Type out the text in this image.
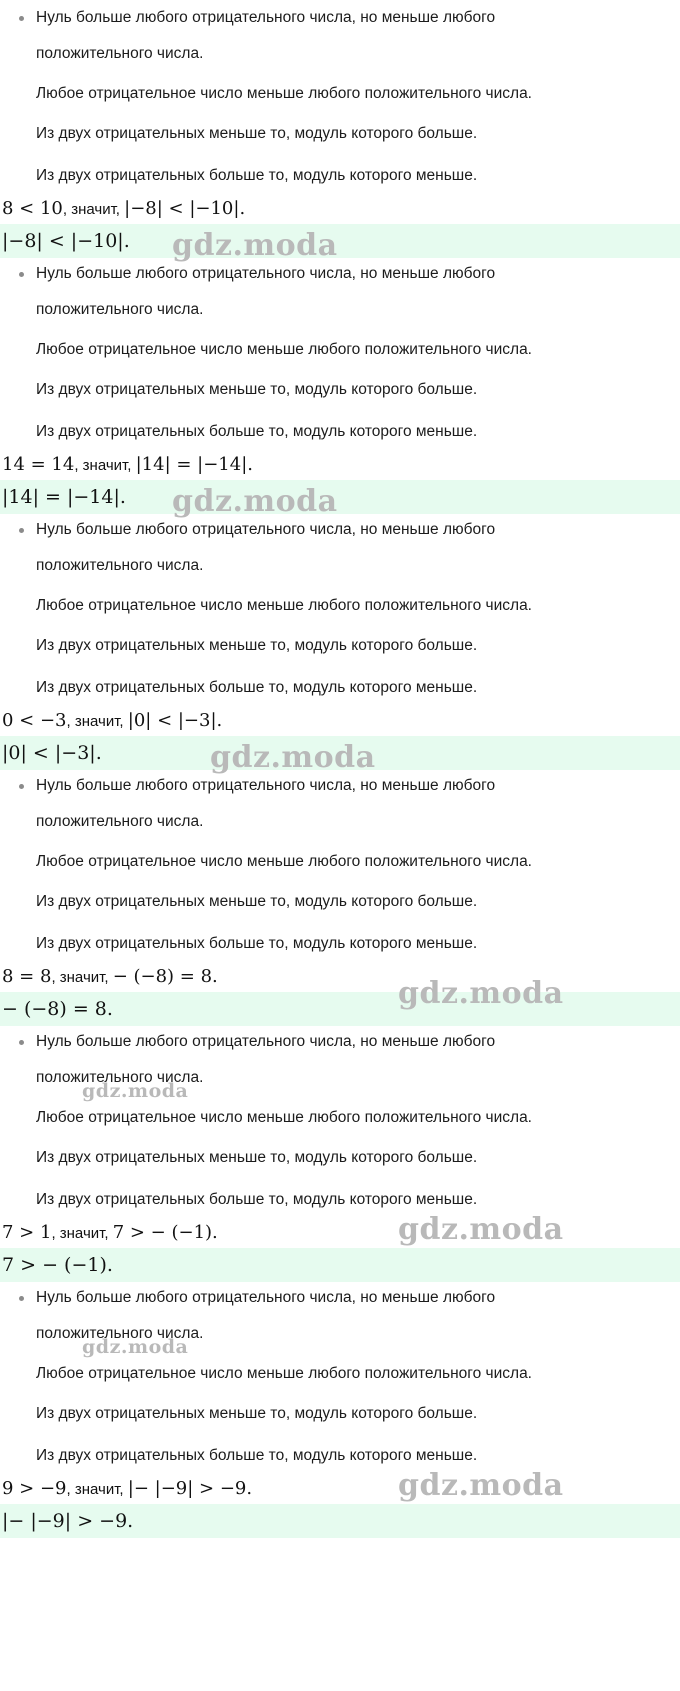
Нуль больше любого отрицательного числа, но меньше любого
положительного числа.
Любое отрицательное число меньше любого положительного числа.
Из двух отрицательных меньше то, модуль которого больше.
Из двух отрицательных больше то, модуль которого меньше.
8 < 10, значит, |−8| < |−10|.
|−8| < |−10|. gdz.moda
Нуль больше любого отрицательного числа, но меньше любого
положительного числа.
Любое отрицательное число меньше любого положительного числа.
Из двух отрицательных меньше то, модуль которого больше.
Из двух отрицательных больше то, модуль которого меньше.
14 = 14, значит, |14| = |−14|.
|14| = |−14|. gdz.moda
Нуль больше любого отрицательного числа, но меньше любого
положительного числа.
Любое отрицательное число меньше любого положительного числа.
Из двух отрицательных меньше то, модуль которого больше.
Из двух отрицательных больше то, модуль которого меньше.
0 < −3, значит, |0| < |−3|.
|0| < |−3|.	gdz.moda
Нуль больше любого отрицательного числа, но меньше любого
положительного числа.
Любое отрицательное число меньше любого положительного числа.
Из двух отрицательных меньше то, модуль которого больше.
Из двух отрицательных больше то, модуль которого меньше.
8 = 8, значит, − (−8) = 8.
− (−8) = 8.	gdz.moda
Нуль больше любого отрицательного числа, но меньше любого
положительного числа.
Любое отрицательное число меньше любого положительного числа.
Из двух отрицательных меньше то, модуль которого больше.
Из двух отрицательных больше то, модуль которого меньше.
gdz.moda
7 > 1, значит, 7 > − (−1).
7 > − (−1).
gdz.moda
Нуль больше любого отрицательного числа, но меньше любого
положительного числа.
Любое отрицательное число меньше любого положительного числа.
Из двух отрицательных меньше то, модуль которого больше.
Из двух отрицательных больше то, модуль которого меньше.
gdz.moda
9 > −9, значит, |− |−9| > −9.
|− |−9| > −9.
gdz.moda
